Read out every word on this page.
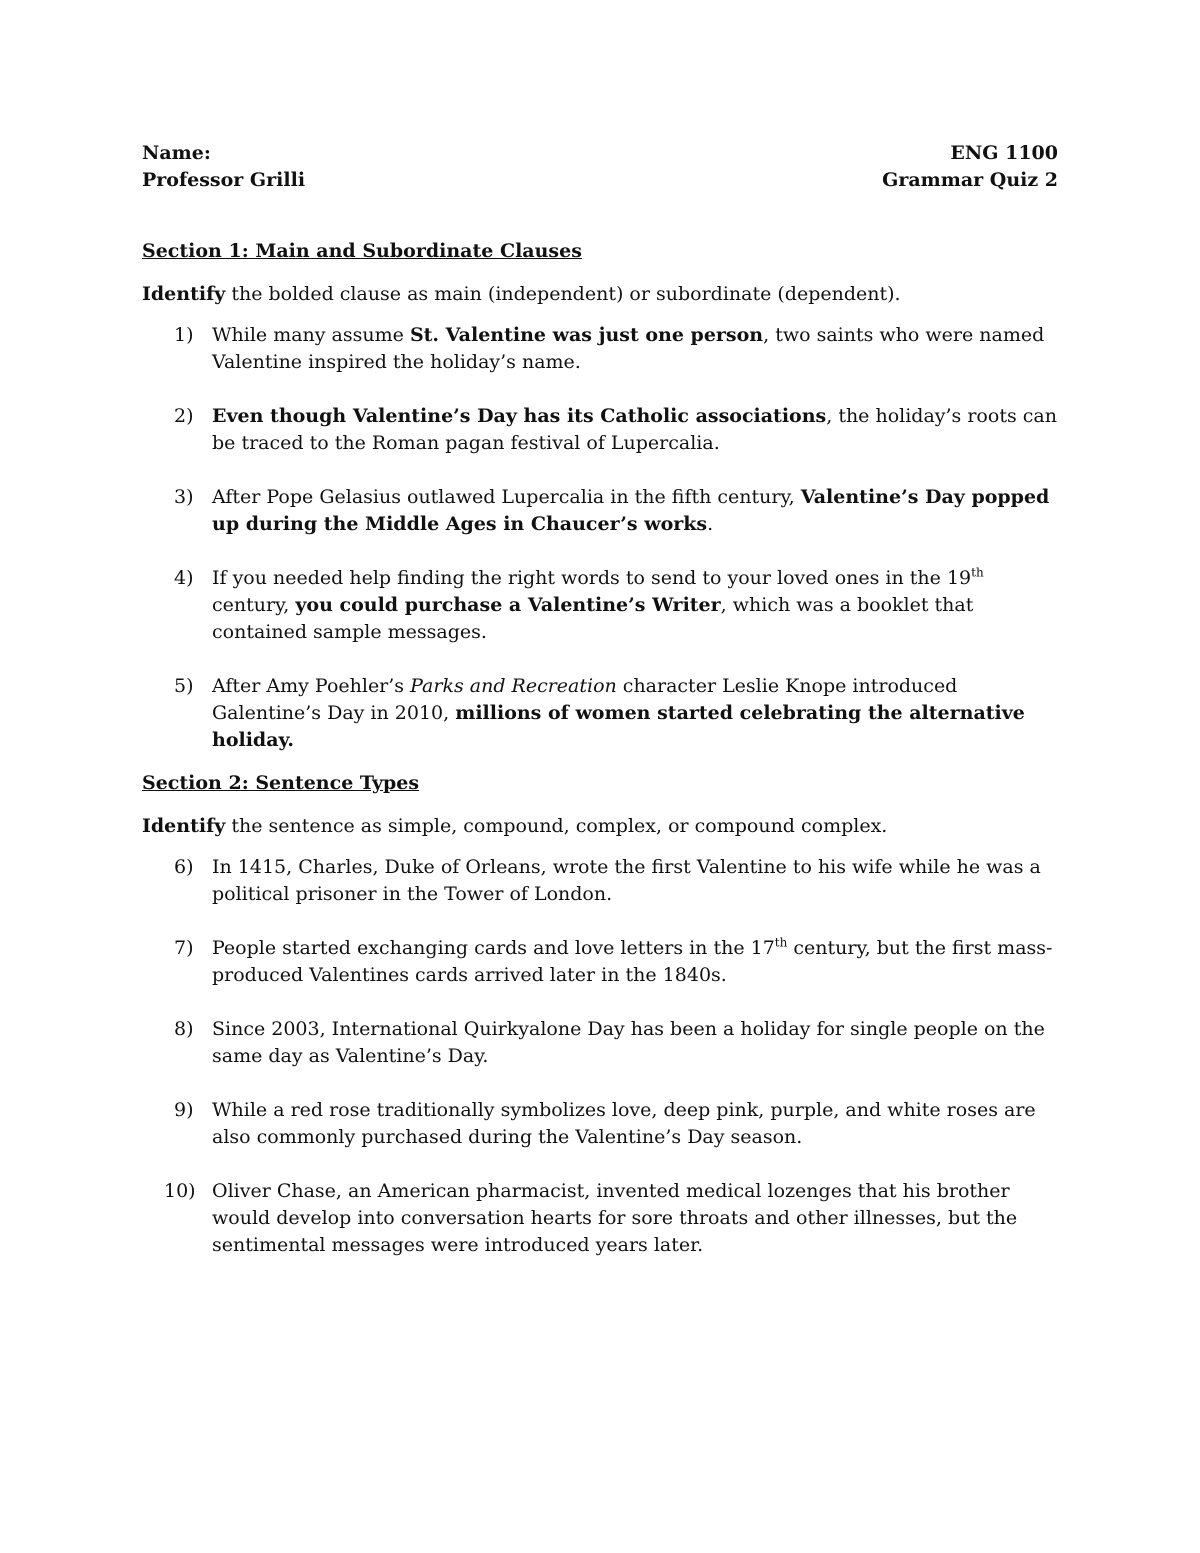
Name:	ENG 1100
Professor Grilli	Grammar Quiz 2

Section 1: Main and Subordinate Clauses

Identify the bolded clause as main (independent) or subordinate (dependent).

1) While many assume St. Valentine was just one person, two saints who were named Valentine inspired the holiday’s name.
2) Even though Valentine’s Day has its Catholic associations, the holiday’s roots can be traced to the Roman pagan festival of Lupercalia.
3) After Pope Gelasius outlawed Lupercalia in the fifth century, Valentine’s Day popped up during the Middle Ages in Chaucer’s works.
4) If you needed help finding the right words to send to your loved ones in the 19th century, you could purchase a Valentine’s Writer, which was a booklet that contained sample messages.
5) After Amy Poehler’s Parks and Recreation character Leslie Knope introduced Galentine’s Day in 2010, millions of women started celebrating the alternative holiday.

Section 2: Sentence Types

Identify the sentence as simple, compound, complex, or compound complex.

6) In 1415, Charles, Duke of Orleans, wrote the first Valentine to his wife while he was a political prisoner in the Tower of London.
7) People started exchanging cards and love letters in the 17th century, but the first mass-produced Valentines cards arrived later in the 1840s.
8) Since 2003, International Quirkyalone Day has been a holiday for single people on the same day as Valentine’s Day.
9) While a red rose traditionally symbolizes love, deep pink, purple, and white roses are also commonly purchased during the Valentine’s Day season.
10) Oliver Chase, an American pharmacist, invented medical lozenges that his brother would develop into conversation hearts for sore throats and other illnesses, but the sentimental messages were introduced years later.
